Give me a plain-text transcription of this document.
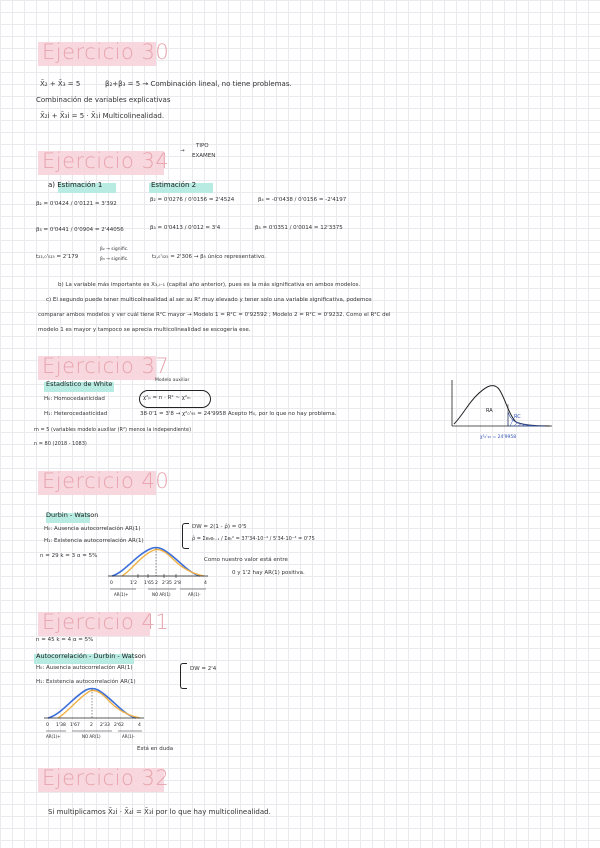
Ejercicio 30
X̄₂ + X̄₃ = 5	β₂+β₃ = 5 → Combinación lineal, no tiene problemas.
Combinación de variables explicativas
X̄₂i + X̄₃i = 5 · X̄₁i Multicolinealidad.
Ejercicio 34 →
TIPO
EXAMEN
a) Estimación 1	Estimación 2
β₂ = 0'0424 / 0'0121 = 3'392
β₂ = 0'0276 / 0'0156 = 2'4524	β₄ = -0'0438 / 0'0156 = -2'4197
β₃ = 0'0441 / 0'0904 = 2'44056	β₃ = 0'0413 / 0'012 = 3'4	β₅ = 0'0351 / 0'0014 = 12'3375
t₂₃,₀'₀₂₅ = 2'179
β₂ → signific.
β₃ → signific.	t₂,₀'₀₂₅ = 2'306 → β₅ único representativo.
b) La variable más importante es X₃,ᵢ₋₁ (capital año anterior), pues es la más significativa en ambos modelos.
c) El segundo puede tener multicolinealidad al ser su R² muy elevado y tener solo una variable significativa, podemos
comparar ambos modelos y ver cuál tiene R²C mayor → Modelo 1 = R²C = 0'92592 ; Modelo 2 = R²C = 0'9232. Como el R²C del
modelo 1 es mayor y tampoco se aprecia multicolinealidad se escogería ese.
Ejercicio 37
Estadístico de White	Modelo auxiliar
H₀: Homocedasticidad	χ²ₚ = n · R² ~ χ²ₘ
H₁: Heterocedasticidad	38·0'1 = 3'8 → χ²₀'₉₅ = 24'9958 Acepto H₀, por lo que no hay problema.
m = 5 (variables modelo auxiliar (R²) menos la independiente)
n = 80 (2018 - 1083)
RA
RC
χ²₀'₉₅ = 24'9958
Ejercicio 40
Durbin - Watson
H₀: Ausencia autocorrelación AR(1)
H₁: Existencia autocorrelación AR(1)
DW = 2(1 - ρ̂) = 0'5
ρ̂ = Σeₜeₜ₋₁ / Σeₜ² = 37'34·10⁻⁴ / 5'34·10⁻⁴ = 0'75
n = 29 k = 3 α = 5%
Como nuestro valor está entre
0 y 1'2 hay AR(1) positiva.
0	1'2 1'65 2 2'35 2'8	4
AR(1)+	NO AR(1)	AR(1)-
Ejercicio 41
n = 45 k = 4 α = 5%
Autocorrelación - Durbin - Watson
H₀: Ausencia autocorrelación AR(1)
H₁: Existencia autocorrelación AR(1)
DW = 2'4
0 1'38 1'67 2 2'33 2'62	4
AR(1)+	NO AR(1)	AR(1)-
Está en duda
Ejercicio 32
Si multiplicamos X̄₂i · X̄₄i = X̄₃i por lo que hay multicolinealidad.
